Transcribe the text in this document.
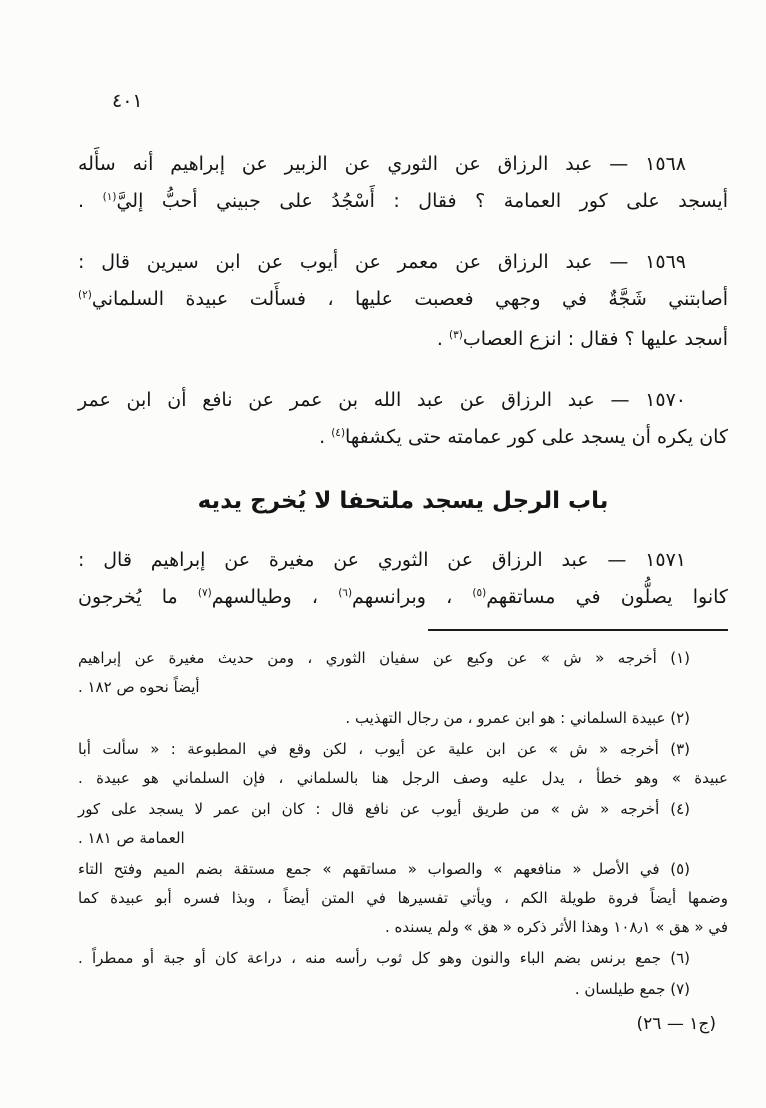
٤٠١
١٥٦٨ — عبد الرزاق عن الثوري عن الزبير عن إبراهيم أنه سأَله
أيسجد على كور العمامة ؟ فقال : أَسْجُدُ على جبيني أحبُّ إليَّ$^{(١)}$ .
١٥٦٩ — عبد الرزاق عن معمر عن أيوب عن ابن سيرين قال :
أصابتني شَجَّةٌ في وجهي فعصبت عليها ، فسأَلت عبيدة السلماني$^{(٢)}$
أسجد عليها ؟ فقال : انزع العصاب$^{(٣)}$ .
١٥٧٠ — عبد الرزاق عن عبد الله بن عمر عن نافع أن ابن عمر
كان يكره أن يسجد على كور عمامته حتى يكشفها$^{(٤)}$ .
باب الرجل يسجد ملتحفا لا يُخرج يديه
١٥٧١ — عبد الرزاق عن الثوري عن مغيرة عن إبراهيم قال :
كانوا يصلُّون في مساتقهم$^{(٥)}$ ، وبرانسهم$^{(٦)}$ ، وطيالسهم$^{(٧)}$ ما يُخرجون
(١) أخرجه « ش » عن وكيع عن سفيان الثوري ، ومن حديث مغيرة عن إبراهيم
أيضاً نحوه ص ١٨٢ .
(٢) عبيدة السلماني : هو ابن عمرو ، من رجال التهذيب .
(٣) أخرجه « ش » عن ابن علية عن أيوب ، لكن وقع في المطبوعة : « سألت أبا
عبيدة » وهو خطأ ، يدل عليه وصف الرجل هنا بالسلماني ، فإن السلماني هو عبيدة .
(٤) أخرجه « ش » من طريق أيوب عن نافع قال : كان ابن عمر لا يسجد على كور
العمامة ص ١٨١ .
(٥) في الأصل « منافعهم » والصواب « مساتقهم » جمع مستقة بضم الميم وفتح التاء
وضمها أيضاً فروة طويلة الكم ، ويأتي تفسيرها في المتن أيضاً ، وبذا فسره أبو عبيدة كما
في « هق » ١٠٨٫١ وهذا الأثر ذكره « هق » ولم يسنده .
(٦) جمع برنس بضم الباء والنون وهو كل ثوب رأسه منه ، دراعة كان أو جبة أو ممطراً .
(٧) جمع طيلسان .
(ج١ — ٢٦)
